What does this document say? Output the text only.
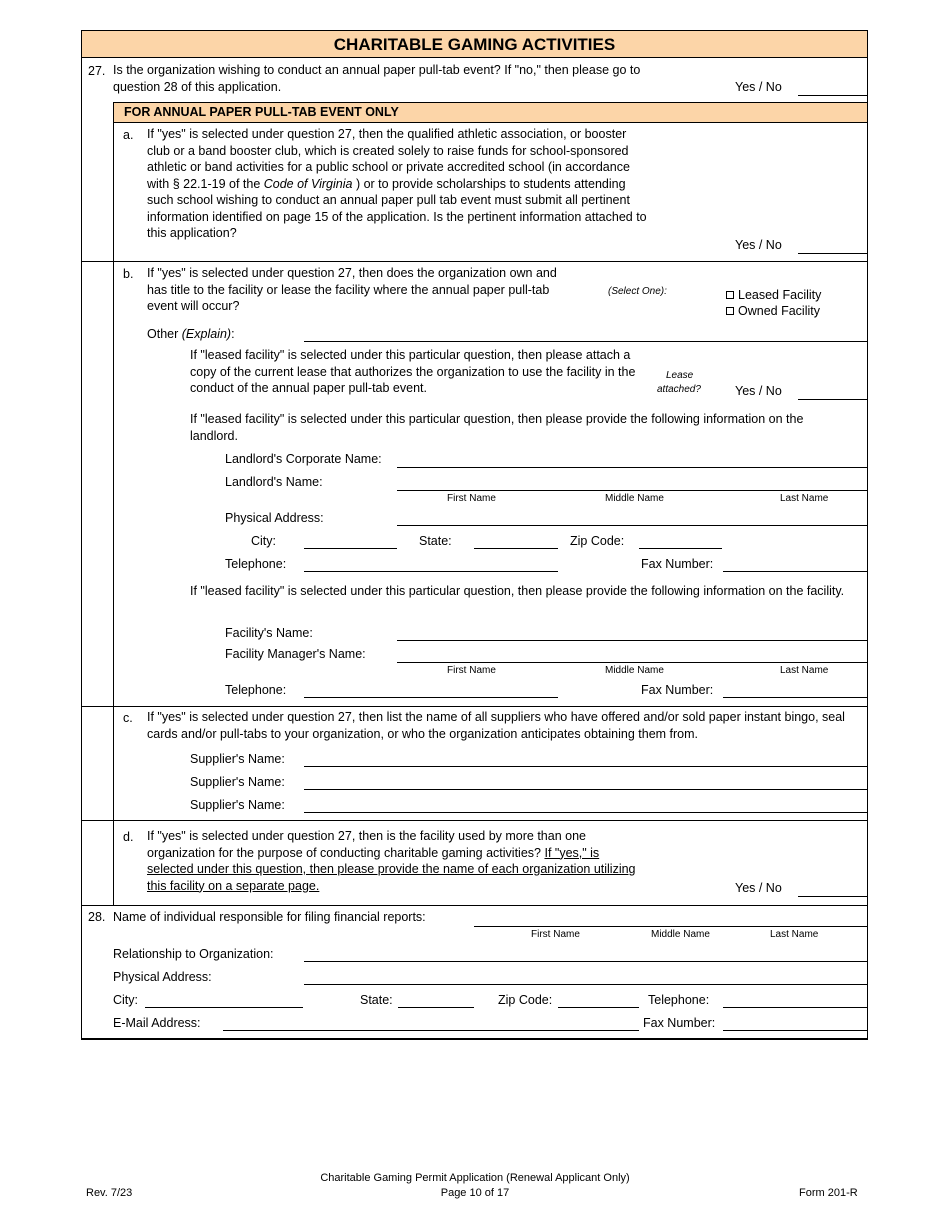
CHARITABLE GAMING ACTIVITIES
27. Is the organization wishing to conduct an annual paper pull-tab event? If "no," then please go to question 28 of this application.	Yes / No
FOR ANNUAL PAPER PULL-TAB EVENT ONLY
a. If "yes" is selected under question 27, then the qualified athletic association, or booster club or a band booster club, which is created solely to raise funds for school-sponsored athletic or band activities for a public school or private accredited school (in accordance with § 22.1-19 of the Code of Virginia ) or to provide scholarships to students attending such school wishing to conduct an annual paper pull tab event must submit all pertinent information identified on page 15 of the application. Is the pertinent information attached to this application?
Yes / No
b. If "yes" is selected under question 27, then does the organization own and has title to the facility or lease the facility where the annual paper pull-tab event will occur?
(Select One):	Leased Facility
Owned Facility
Other (Explain):
If "leased facility" is selected under this particular question, then please attach a copy of the current lease that authorizes the organization to use the facility in the conduct of the annual paper pull-tab event.
Lease
attached?	Yes / No
If "leased facility" is selected under this particular question, then please provide the following information on the landlord.
Landlord's Corporate Name:
Landlord's Name:
First Name	Middle Name	Last Name
Physical Address:
City:	State:	Zip Code:
Telephone:	Fax Number:
If "leased facility" is selected under this particular question, then please provide the following information on the facility.
Facility's Name:
Facility Manager's Name:
First Name	Middle Name	Last Name
Telephone:	Fax Number:
c. If "yes" is selected under question 27, then list the name of all suppliers who have offered and/or sold paper instant bingo, seal cards and/or pull-tabs to your organization, or who the organization anticipates obtaining them from.
Supplier's Name:
Supplier's Name:
Supplier's Name:
d. If "yes" is selected under question 27, then is the facility used by more than one organization for the purpose of conducting charitable gaming activities? If "yes," is selected under this question, then please provide the name of each organization utilizing this facility on a separate page.	Yes / No
28. Name of individual responsible for filing financial reports:
First Name	Middle Name	Last Name
Relationship to Organization:
Physical Address:
City:	State:	Zip Code:	Telephone:
E-Mail Address:	Fax Number:
Rev. 7/23
Charitable Gaming Permit Application (Renewal Applicant Only)
Page 10 of 17	Form 201-R
